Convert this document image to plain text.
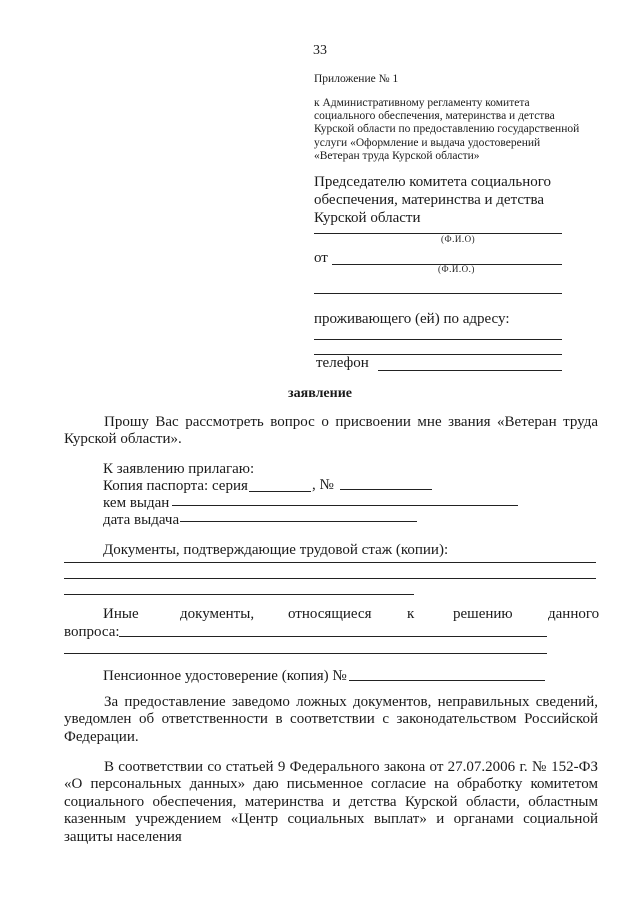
33
Приложение № 1
к Административному регламенту комитета
социального обеспечения, материнства и детства
Курской области по предоставлению государственной
услуги «Оформление и выдача удостоверений
«Ветеран труда Курской области»
Председателю комитета социального
обеспечения, материнства и детства
Курской области
(Ф.И.О)
от
(Ф.И.О.)
проживающего (ей) по адресу:
телефон
заявление
Прошу Вас рассмотреть вопрос о присвоении мне звания «Ветеран труда Курской области».
К заявлению прилагаю:
Копия паспорта: серия	, №
кем выдан
дата выдача
Документы, подтверждающие трудовой стаж (копии):
Иные	документы, относящиеся к	решению данного
вопроса:
Пенсионное удостоверение (копия) №
За предоставление заведомо ложных документов, неправильных сведений, уведомлен об ответственности в соответствии с законодательством Российской Федерации.
В соответствии со статьей 9 Федерального закона от 27.07.2006 г. № 152-ФЗ «О персональных данных» даю письменное согласие на обработку комитетом социального обеспечения, материнства и детства Курской области, областным казенным учреждением «Центр социальных выплат» и органами социальной защиты населения
